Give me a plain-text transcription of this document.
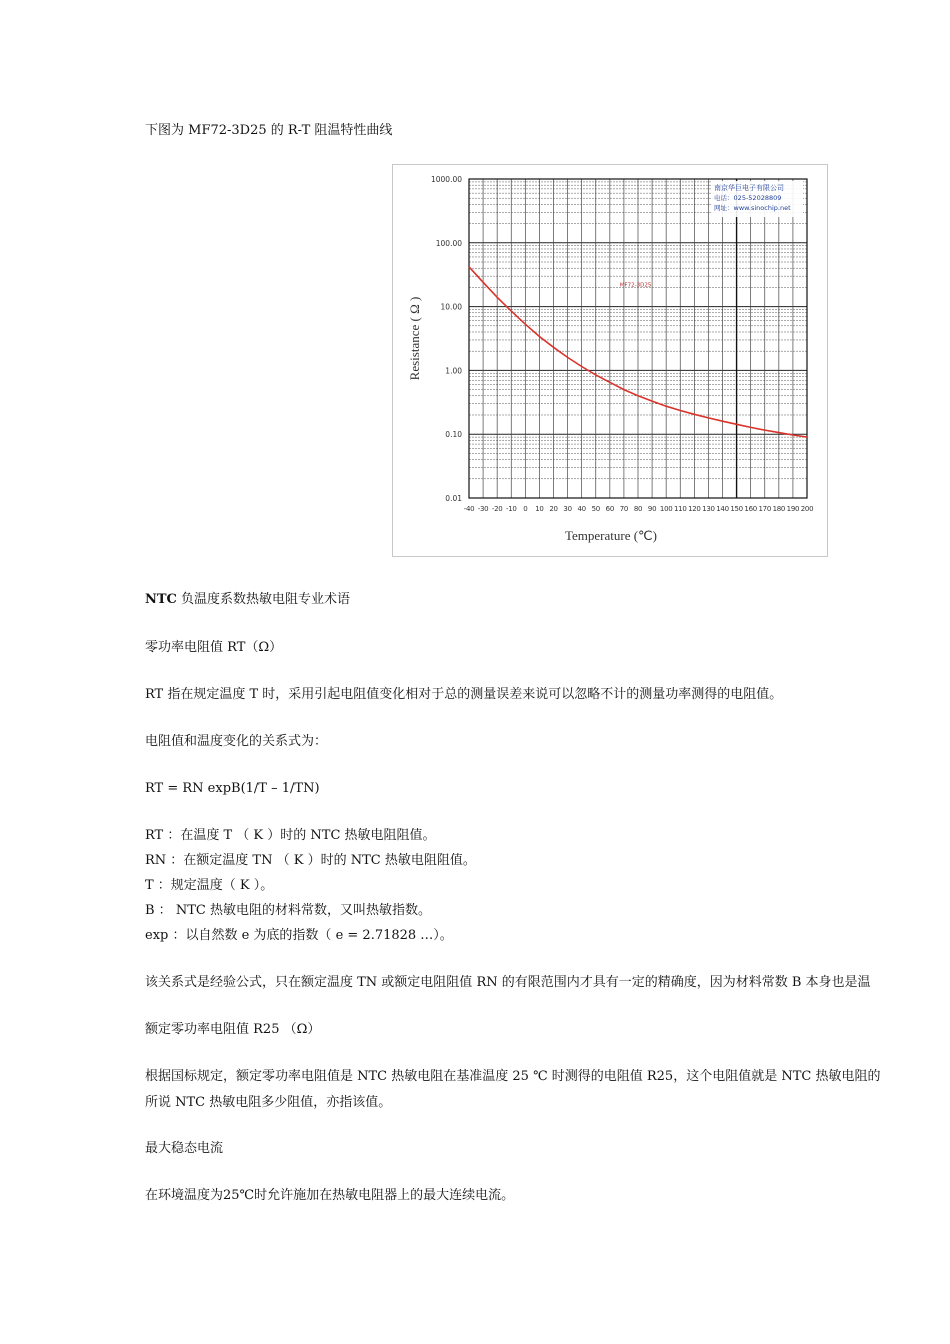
下图为 MF72-3D25 的 R-T 阻温特性曲线
1000.00
100.00
10.00
1.00
0.10
0.01
-40 -30 -20 -10 0 10 20 30 40 50 60 70 80 90 100 110 120 130 140 150 160 170 180 190 200
Temperature (℃)
Resistance ( Ω )
MF72-3D25
南京华巨电子有限公司
电话：025-52028809
网址：www.sinochip.net
NTC 负温度系数热敏电阻专业术语
零功率电阻值 RT（Ω）
RT 指在规定温度 T 时，采用引起电阻值变化相对于总的测量误差来说可以忽略不计的测量功率测得的电阻值。
电阻值和温度变化的关系式为：
RT = RN expB(1/T – 1/TN)
RT ：在温度 T （ K ）时的 NTC 热敏电阻阻值。
RN ：在额定温度 TN （ K ）时的 NTC 热敏电阻阻值。
T ：规定温度（ K ）。
B ： NTC 热敏电阻的材料常数，又叫热敏指数。
exp ：以自然数 e 为底的指数（ e = 2.71828 …）。
该关系式是经验公式，只在额定温度 TN 或额定电阻阻值 RN 的有限范围内才具有一定的精确度，因为材料常数 B 本身也是温
额定零功率电阻值 R25 （Ω）
根据国标规定，额定零功率电阻值是 NTC 热敏电阻在基准温度 25 ℃ 时测得的电阻值 R25，这个电阻值就是 NTC 热敏电阻的
所说 NTC 热敏电阻多少阻值，亦指该值。
最大稳态电流
在环境温度为25℃时允许施加在热敏电阻器上的最大连续电流。
